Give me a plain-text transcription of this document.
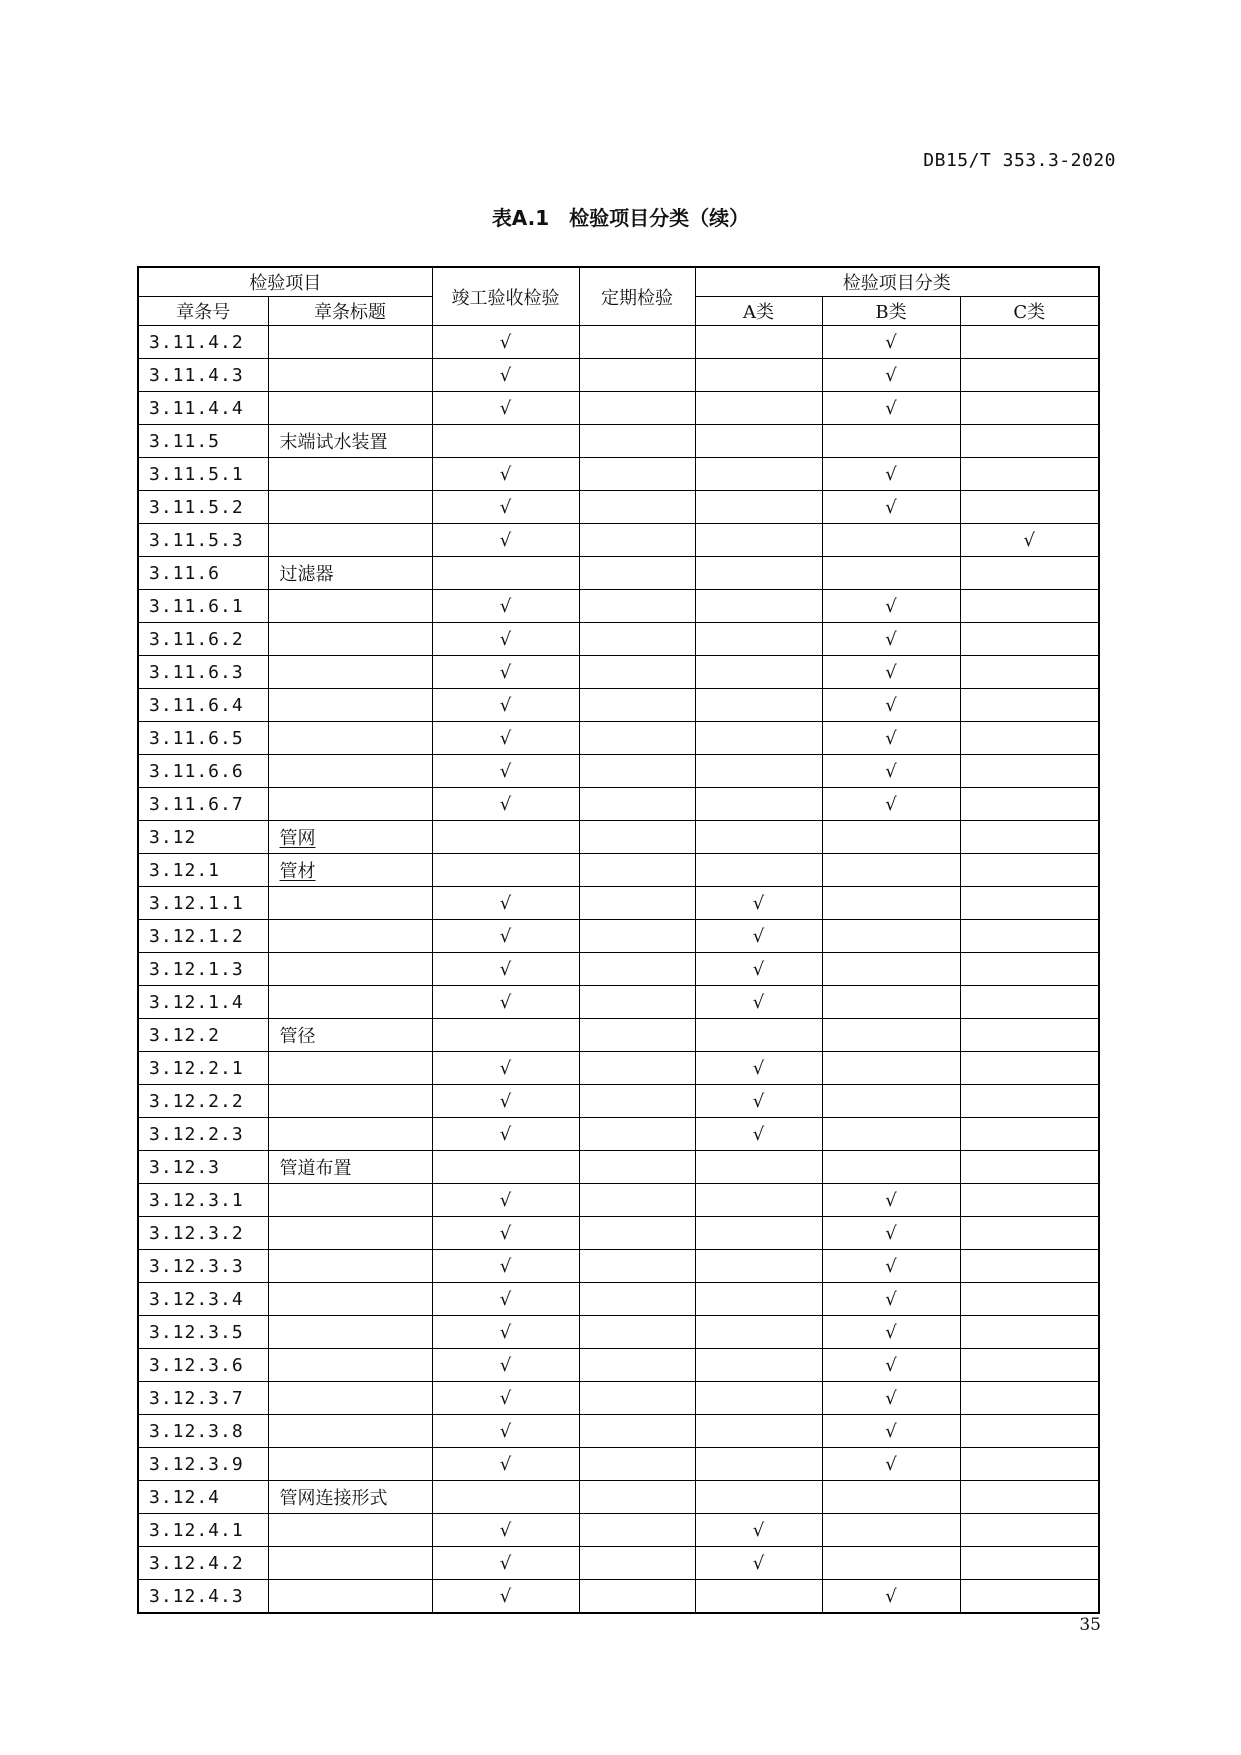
DB15/T 353.3-2020
表A.1　检验项目分类（续）
检验项目		竣工验收检验	定期检验	检验项目分类		
章条号	章条标题			A类	B类	C类
3.11.4.2		√			√	
3.11.4.3		√			√	
3.11.4.4		√			√	
3.11.5	末端试水装置					
3.11.5.1		√			√	
3.11.5.2		√			√	
3.11.5.3		√				√
3.11.6	过滤器					
3.11.6.1		√			√	
3.11.6.2		√			√	
3.11.6.3		√			√	
3.11.6.4		√			√	
3.11.6.5		√			√	
3.11.6.6		√			√	
3.11.6.7		√			√	
3.12	管网					
3.12.1	管材					
3.12.1.1		√		√		
3.12.1.2		√		√		
3.12.1.3		√		√		
3.12.1.4		√		√		
3.12.2	管径					
3.12.2.1		√		√		
3.12.2.2		√		√		
3.12.2.3		√		√		
3.12.3	管道布置					
3.12.3.1		√			√	
3.12.3.2		√			√	
3.12.3.3		√			√	
3.12.3.4		√			√	
3.12.3.5		√			√	
3.12.3.6		√			√	
3.12.3.7		√			√	
3.12.3.8		√			√	
3.12.3.9		√			√	
3.12.4	管网连接形式					
3.12.4.1		√		√		
3.12.4.2		√		√		
3.12.4.3		√			√	
35
